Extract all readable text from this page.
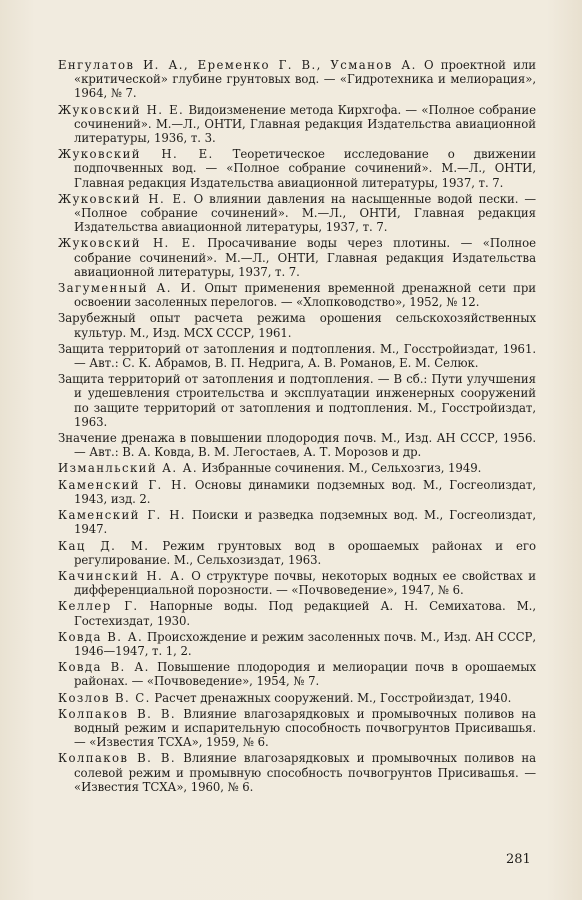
Енгулатов И. А., Еременко Г. В., Усманов А. О проектной или «критической» глубине грунтовых вод. — «Гидротехника и мелиорация», 1964, № 7.

Жуковский Н. Е. Видоизменение метода Кирхгофа. — «Полное собрание сочинений». М.—Л., ОНТИ, Главная редакция Издательства авиационной литературы, 1936, т. 3.

Жуковский Н. Е. Теоретическое исследование о движении подпочвенных вод. — «Полное собрание сочинений». М.—Л., ОНТИ, Главная редакция Издательства авиационной литературы, 1937, т. 7.

Жуковский Н. Е. О влиянии давления на насыщенные водой пески. — «Полное собрание сочинений». М.—Л., ОНТИ, Главная редакция Издательства авиационной литературы, 1937, т. 7.

Жуковский Н. Е. Просачивание воды через плотины. — «Полное собрание сочинений». М.—Л., ОНТИ, Главная редакция Издательства авиационной литературы, 1937, т. 7.

Загуменный А. И. Опыт применения временной дренажной сети при освоении засоленных перелогов. — «Хлопководство», 1952, № 12.

Зарубежный опыт расчета режима орошения сельскохозяйственных культур. М., Изд. МСХ СССР, 1961.

Защита территорий от затопления и подтопления. М., Госстройиздат, 1961. — Авт.: С. К. Абрамов, В. П. Недрига, А. В. Романов, Е. М. Селюк.

Защита территорий от затопления и подтопления. — В сб.: Пути улучшения и удешевления строительства и эксплуатации инженерных сооружений по защите территорий от затопления и подтопления. М., Госстройиздат, 1963.

Значение дренажа в повышении плодородия почв. М., Изд. АН СССР, 1956. — Авт.: В. А. Ковда, В. М. Легостаев, А. Т. Морозов и др.

Изманльский А. А. Избранные сочинения. М., Сельхозгиз, 1949.

Каменский Г. Н. Основы динамики подземных вод. М., Госгеолиздат, 1943, изд. 2.

Каменский Г. Н. Поиски и разведка подземных вод. М., Госгеолиздат, 1947.

Кац Д. М. Режим грунтовых вод в орошаемых районах и его регулирование. М., Сельхозиздат, 1963.

Качинский Н. А. О структуре почвы, некоторых водных ее свойствах и дифференциальной порозности. — «Почвоведение», 1947, № 6.

Келлер Г. Напорные воды. Под редакцией А. Н. Семихатова. М., Гостехиздат, 1930.

Ковда В. А. Происхождение и режим засоленных почв. М., Изд. АН СССР, 1946—1947, т. 1, 2.

Ковда В. А. Повышение плодородия и мелиорации почв в орошаемых районах. — «Почвоведение», 1954, № 7.

Козлов В. С. Расчет дренажных сооружений. М., Госстройиздат, 1940.

Колпаков В. В. Влияние влагозарядковых и промывочных поливов на водный режим и испарительную способность почвогрунтов Присивашья. — «Известия ТСХА», 1959, № 6.

Колпаков В. В. Влияние влагозарядковых и промывочных поливов на солевой режим и промывную способность почвогрунтов Присивашья. — «Известия ТСХА», 1960, № 6.

281
